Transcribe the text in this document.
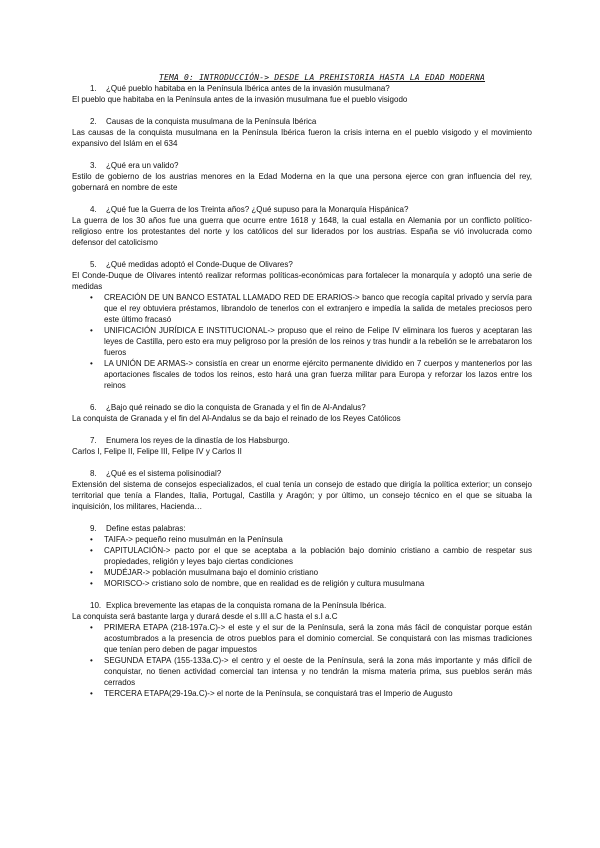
TEMA 0: INTRODUCCIÓN-> DESDE LA PREHISTORIA HASTA LA EDAD MODERNA
1. ¿Qué pueblo habitaba en la Península Ibérica antes de la invasión musulmana?
El pueblo que habitaba en la Península antes de la invasión musulmana fue el pueblo visigodo
2. Causas de la conquista musulmana de la Península Ibérica
Las causas de la conquista musulmana en la Península Ibérica fueron la crisis interna en el pueblo visigodo y el movimiento expansivo del Islám en el 634
3. ¿Qué era un valido?
Estilo de gobierno de los austrias menores en la Edad Moderna en la que una persona ejerce con gran influencia del rey, gobernará en nombre de este
4. ¿Qué fue la Guerra de los Treinta años? ¿Qué supuso para la Monarquía Hispánica?
La guerra de los 30 años fue una guerra que ocurre entre 1618 y 1648, la cual estalla en Alemania por un conflicto político-religioso entre los protestantes del norte y los católicos del sur liderados por los austrias. España se vió involucrada como defensor del catolicismo
5. ¿Qué medidas adoptó el Conde-Duque de Olivares?
El Conde-Duque de Olivares intentó realizar reformas políticas-económicas para fortalecer la monarquía y adoptó una serie de medidas
• CREACIÓN DE UN BANCO ESTATAL LLAMADO RED DE ERARIOS-> banco que recogía capital privado y servía para que el rey obtuviera préstamos, librandolo de tenerlos con el extranjero e impedía la salida de metales preciosos pero este último fracasó
• UNIFICACIÓN JURÍDICA E INSTITUCIONAL-> propuso que el reino de Felipe IV eliminara los fueros y aceptaran las leyes de Castilla, pero esto era muy peligroso por la presión de los reinos y tras hundir a la rebelión se le arrebataron los fueros
• LA UNIÓN DE ARMAS-> consistía en crear un enorme ejército permanente dividido en 7 cuerpos y mantenerlos por las aportaciones fiscales de todos los reinos, esto hará una gran fuerza militar para Europa y reforzar los lazos entre los reinos
6. ¿Bajo qué reinado se dio la conquista de Granada y el fin de Al-Andalus?
La conquista de Granada y el fin del Al-Andalus se da bajo el reinado de los Reyes Católicos
7. Enumera los reyes de la dinastía de los Habsburgo.
Carlos I, Felipe II, Felipe III, Felipe IV y Carlos II
8. ¿Qué es el sistema polisinodial?
Extensión del sistema de consejos especializados, el cual tenía un consejo de estado que dirigía la política exterior; un consejo territorial que tenía a Flandes, Italia, Portugal, Castilla y Aragón; y por último, un consejo técnico en el que se situaba la inquisición, los militares, Hacienda…
9. Define estas palabras:
• TAIFA-> pequeño reino musulmán en la Península
• CAPITULACIÓN-> pacto por el que se aceptaba a la población bajo dominio cristiano a cambio de respetar sus propiedades, religión y leyes bajo ciertas condiciones
• MUDÉJAR-> población musulmana bajo el dominio cristiano
• MORISCO-> cristiano solo de nombre, que en realidad es de religión y cultura musulmana
10. Explica brevemente las etapas de la conquista romana de la Península Ibérica.
La conquista será bastante larga y durará desde el s.III a.C hasta el s.I a.C
• PRIMERA ETAPA (218-197a.C)-> el este y el sur de la Península, será la zona más fácil de conquistar porque están acostumbrados a la presencia de otros pueblos para el dominio comercial. Se conquistará con las mismas tradiciones que tenían pero deben de pagar impuestos
• SEGUNDA ETAPA (155-133a.C)-> el centro y el oeste de la Península, será la zona más importante y más difícil de conquistar, no tienen actividad comercial tan intensa y no tendrán la misma materia prima, sus pueblos serán más cerrados
• TERCERA ETAPA(29-19a.C)-> el norte de la Península, se conquistará tras el Imperio de Augusto
